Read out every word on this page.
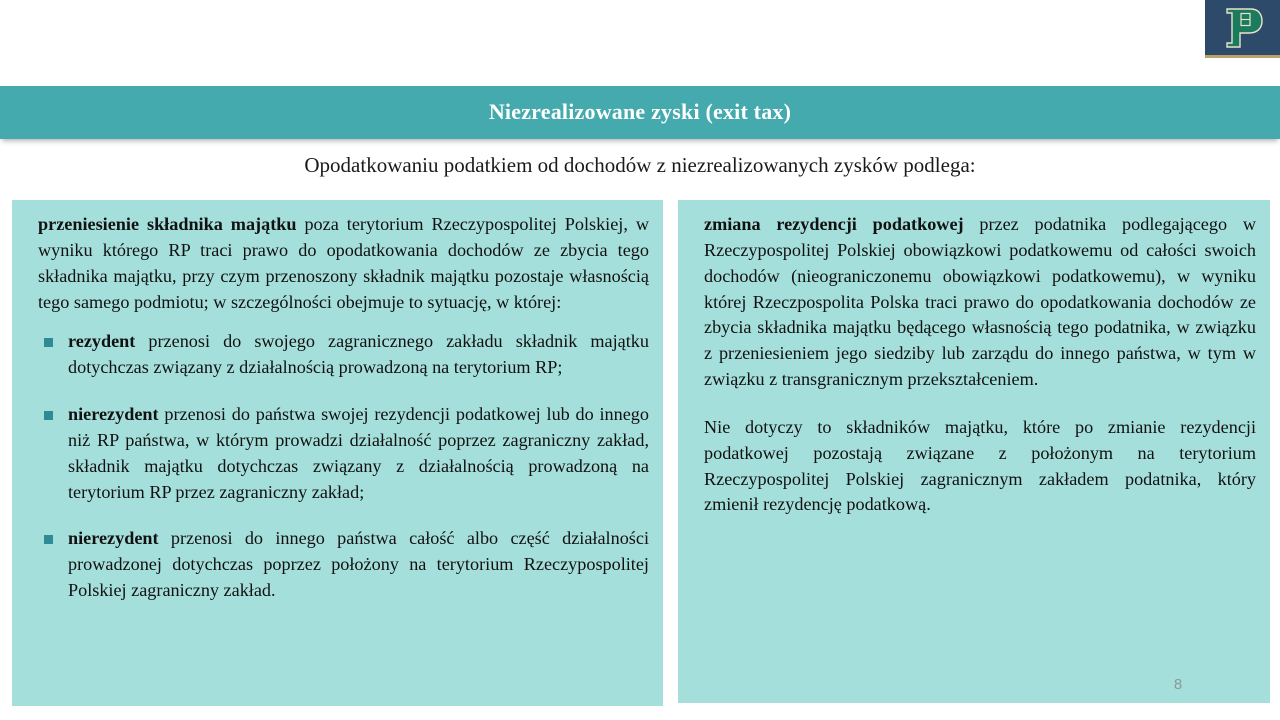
Niezrealizowane zyski (exit tax)
Opodatkowaniu podatkiem od dochodów z niezrealizowanych zysków podlega:

przeniesienie składnika majątku poza terytorium Rzeczypospolitej Polskiej, w wyniku którego RP traci prawo do opodatkowania dochodów ze zbycia tego składnika majątku, przy czym przenoszony składnik majątku pozostaje własnością tego samego podmiotu; w szczególności obejmuje to sytuację, w której:

rezydent przenosi do swojego zagranicznego zakładu składnik majątku dotychczas związany z działalnością prowadzoną na terytorium RP;
nierezydent przenosi do państwa swojej rezydencji podatkowej lub do innego niż RP państwa, w którym prowadzi działalność poprzez zagraniczny zakład, składnik majątku dotychczas związany z działalnością prowadzoną na terytorium RP przez zagraniczny zakład;
nierezydent przenosi do innego państwa całość albo część działalności prowadzonej dotychczas poprzez położony na terytorium Rzeczypospolitej Polskiej zagraniczny zakład.

zmiana rezydencji podatkowej przez podatnika podlegającego w Rzeczypospolitej Polskiej obowiązkowi podatkowemu od całości swoich dochodów (nieograniczonemu obowiązkowi podatkowemu), w wyniku której Rzeczpospolita Polska traci prawo do opodatkowania dochodów ze zbycia składnika majątku będącego własnością tego podatnika, w związku z przeniesieniem jego siedziby lub zarządu do innego państwa, w tym w związku z transgranicznym przekształceniem.

Nie dotyczy to składników majątku, które po zmianie rezydencji podatkowej pozostają związane z położonym na terytorium Rzeczypospolitej Polskiej zagranicznym zakładem podatnika, który zmienił rezydencję podatkową.

8
